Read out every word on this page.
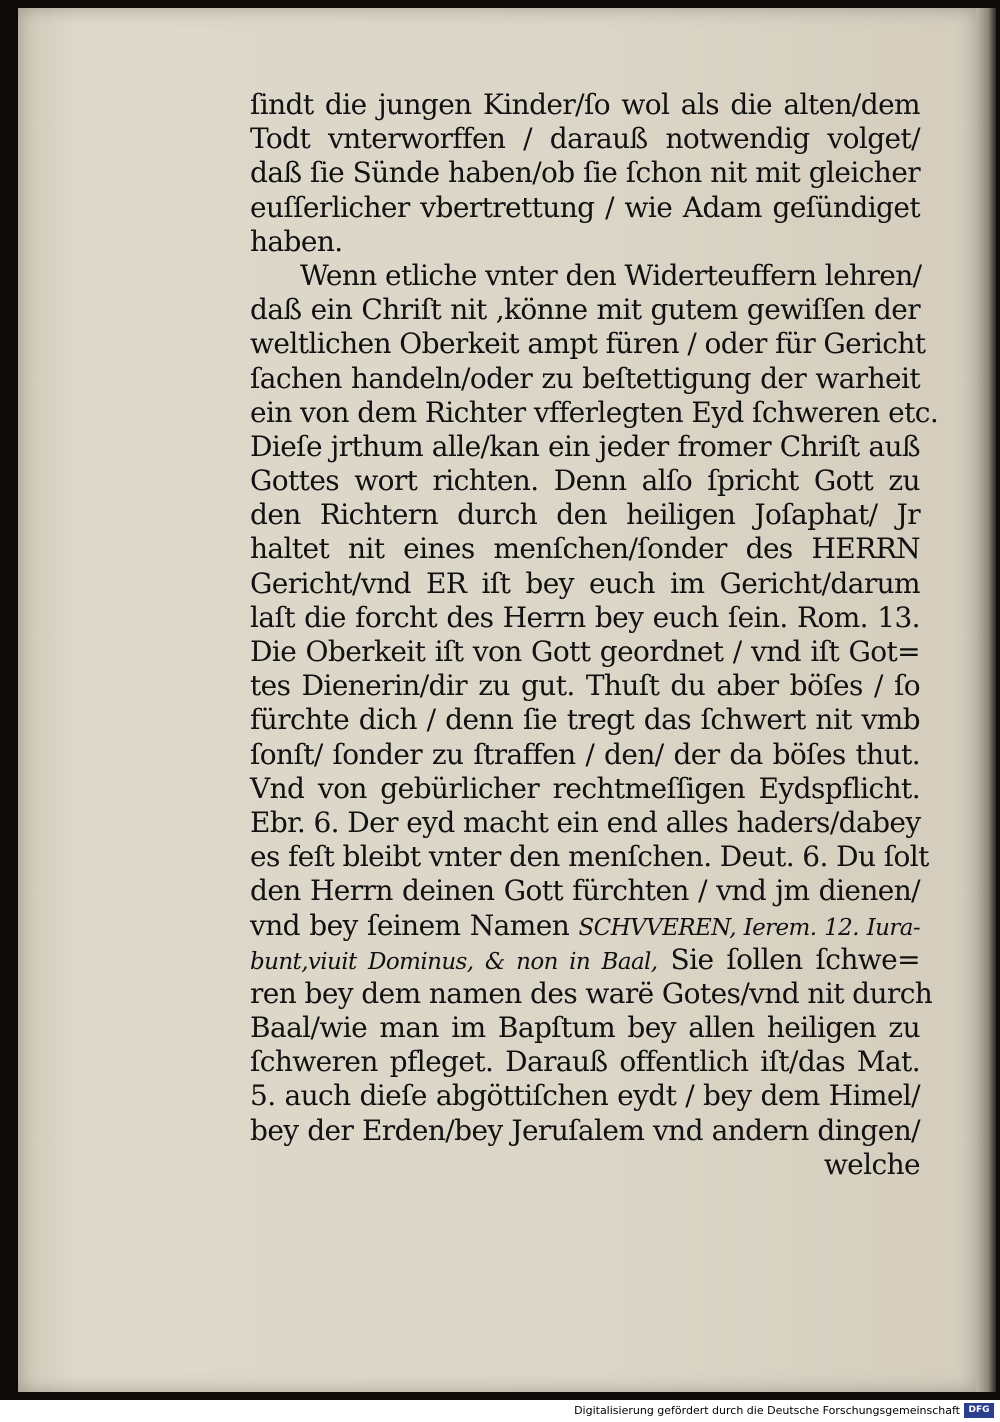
ſindt die jungen Kinder/ſo wol als die alten/dem
Todt vnterworffen / darauß notwendig volget/
daß ſie Sünde haben/ob ſie ſchon nit mit gleicher
euſſerlicher vbertrettung / wie Adam geſündiget
haben.
Wenn etliche vnter den Widerteuffern lehren/
daß ein Chriſt nit ,könne mit gutem gewiſſen der
weltlichen Oberkeit ampt füren / oder für Gericht
ſachen handeln/oder zu beſtettigung der warheit
ein von dem Richter vfferlegten Eyd ſchweren etc.
Dieſe jrthum alle/kan ein jeder fromer Chriſt auß
Gottes wort richten. Denn alſo ſpricht Gott zu
den Richtern durch den heiligen Joſaphat/ Jr
haltet nit eines menſchen/ſonder des HERRN
Gericht/vnd ER iſt bey euch im Gericht/darum
laſt die forcht des Herrn bey euch ſein. Rom. 13.
Die Oberkeit iſt von Gott geordnet / vnd iſt Got=
tes Dienerin/dir zu gut. Thuſt du aber böſes / ſo
fürchte dich / denn ſie tregt das ſchwert nit vmb
ſonſt/ ſonder zu ſtraffen / den/ der da böſes thut.
Vnd von gebürlicher rechtmeſſigen Eydspflicht.
Ebr. 6. Der eyd macht ein end alles haders/dabey
es feſt bleibt vnter den menſchen. Deut. 6. Du ſolt
den Herrn deinen Gott fürchten / vnd jm dienen/
vnd bey ſeinem Namen SCHVVEREN, Ierem. 12. Iura-
bunt,viuit Dominus, & non in Baal, Sie ſollen ſchwe=
ren bey dem namen des warë Gotes/vnd nit durch
Baal/wie man im Bapſtum bey allen heiligen zu
ſchweren pfleget. Darauß offentlich iſt/das Mat.
5. auch dieſe abgöttiſchen eydt / bey dem Himel/
bey der Erden/bey Jeruſalem vnd andern dingen/
welche
Digitalisierung gefördert durch die Deutsche Forschungsgemeinschaft DFG
